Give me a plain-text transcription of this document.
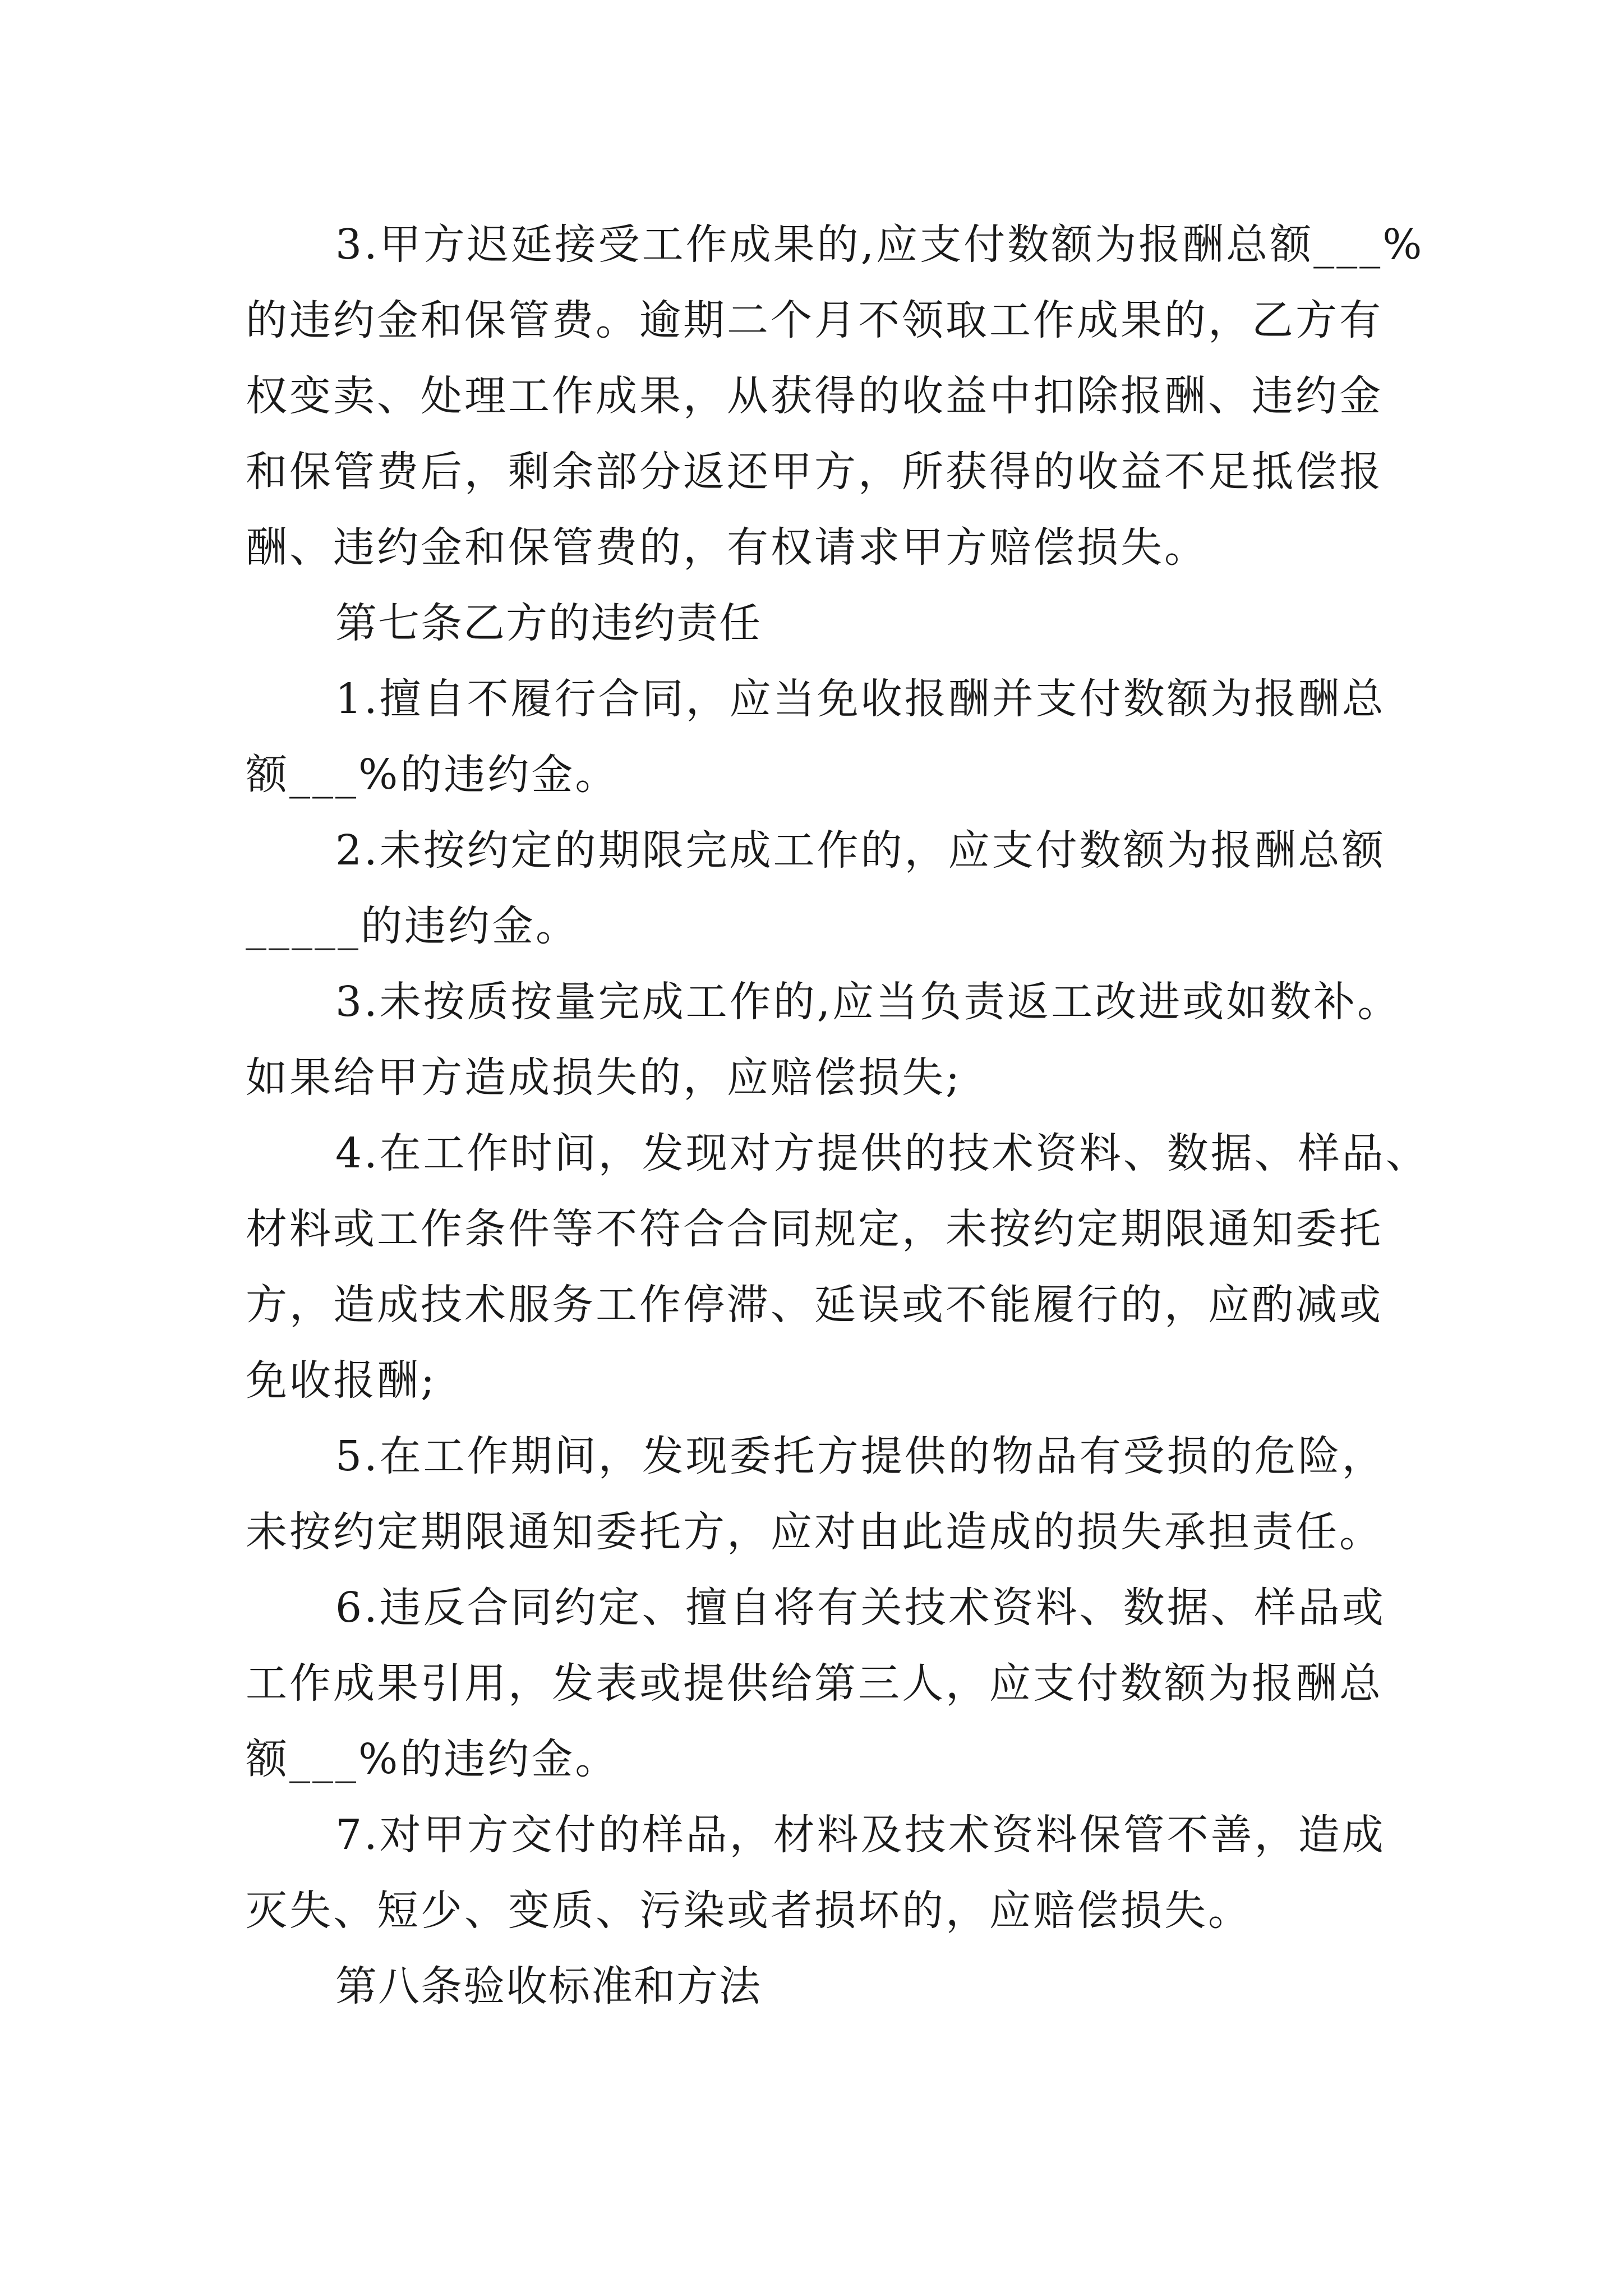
3.甲方迟延接受工作成果的,应支付数额为报酬总额___%
的违约金和保管费。逾期二个月不领取工作成果的，乙方有
权变卖、处理工作成果，从获得的收益中扣除报酬、违约金
和保管费后，剩余部分返还甲方，所获得的收益不足抵偿报
酬、违约金和保管费的，有权请求甲方赔偿损失。
第七条乙方的违约责任
1.擅自不履行合同，应当免收报酬并支付数额为报酬总
额___%的违约金。
2.未按约定的期限完成工作的，应支付数额为报酬总额
_____的违约金。
3.未按质按量完成工作的,应当负责返工改进或如数补。
如果给甲方造成损失的，应赔偿损失;
4.在工作时间，发现对方提供的技术资料、数据、样品、
材料或工作条件等不符合合同规定，未按约定期限通知委托
方，造成技术服务工作停滞、延误或不能履行的，应酌减或
免收报酬;
5.在工作期间，发现委托方提供的物品有受损的危险，
未按约定期限通知委托方，应对由此造成的损失承担责任。
6.违反合同约定、擅自将有关技术资料、数据、样品或
工作成果引用，发表或提供给第三人，应支付数额为报酬总
额___%的违约金。
7.对甲方交付的样品，材料及技术资料保管不善，造成
灭失、短少、变质、污染或者损坏的，应赔偿损失。
第八条验收标准和方法
